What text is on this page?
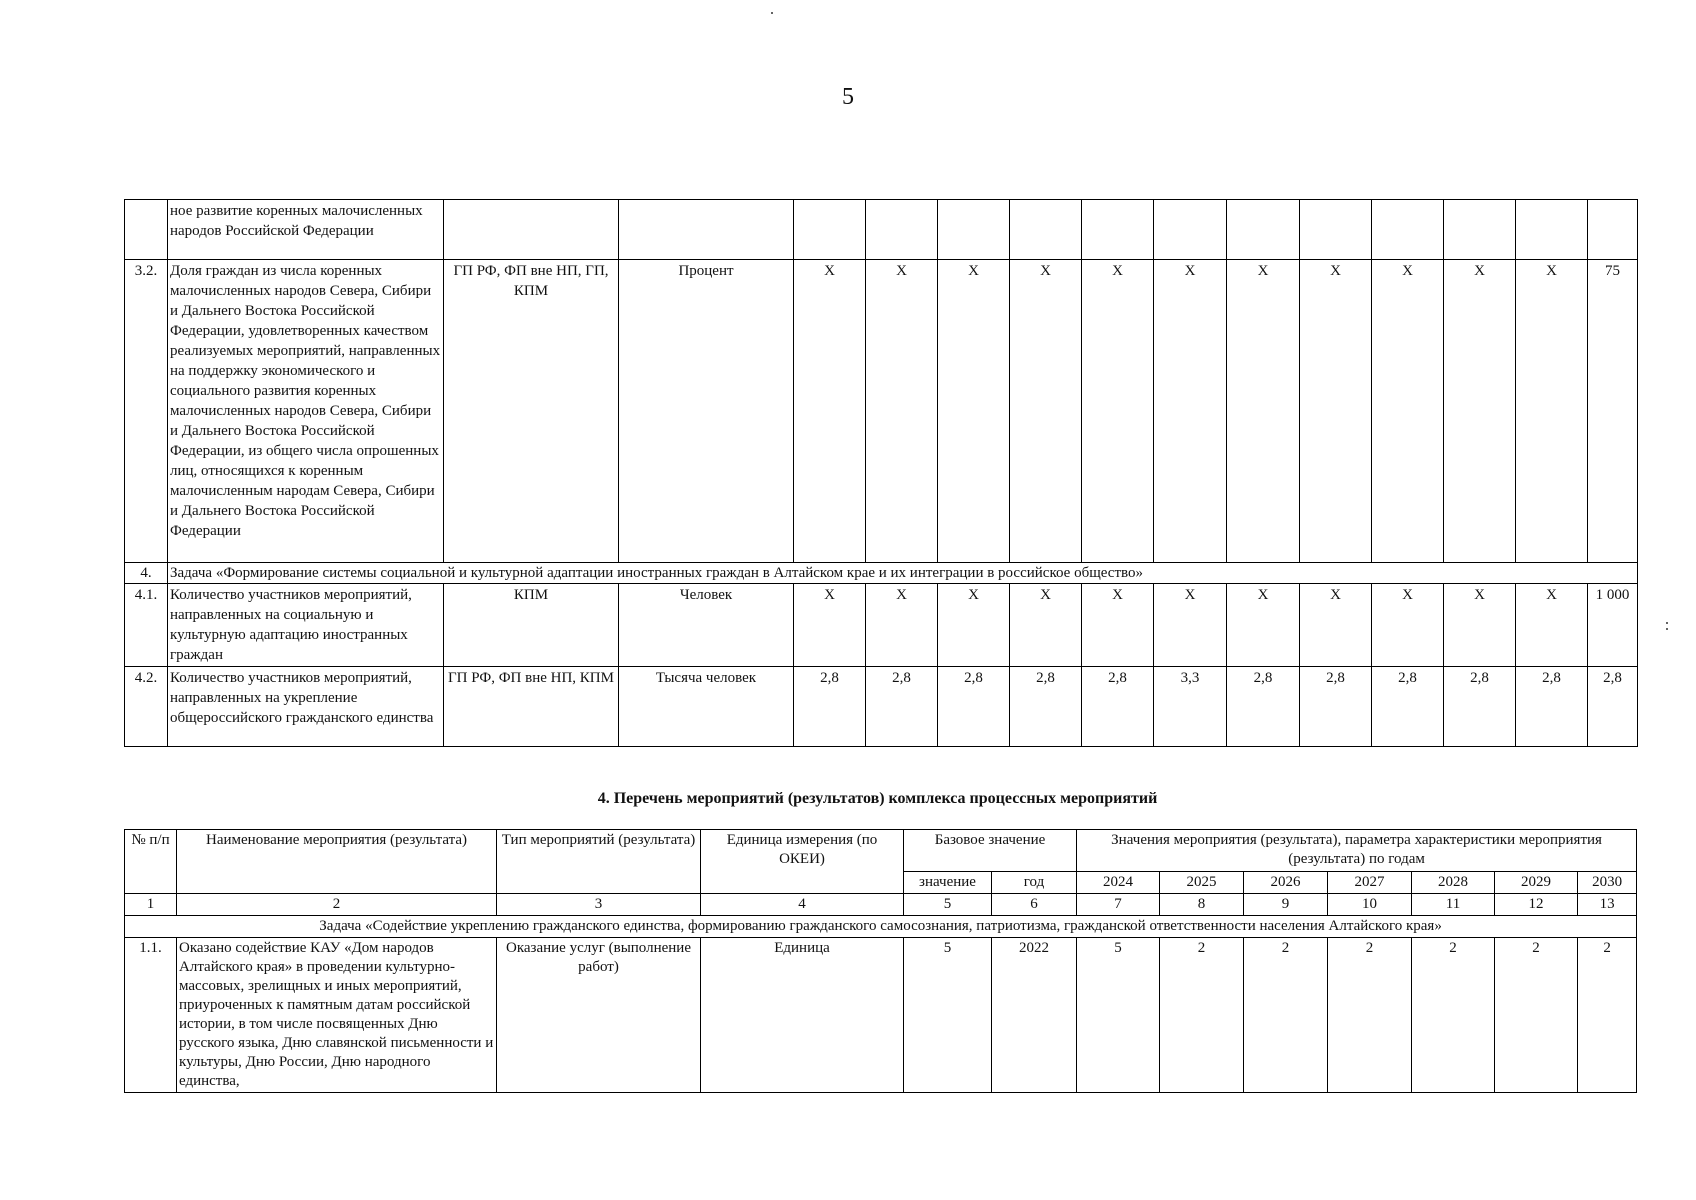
5
	ное развитие коренных малочисленных народов Российской Федерации														
3.2.	Доля граждан из числа коренных малочисленных народов Севера, Сибири и Дальнего Востока Российской Федерации, удовлетворенных качеством реализуемых мероприятий, направленных на поддержку экономического и социального развития коренных малочисленных народов Севера, Сибири и Дальнего Востока Российской Федерации, из общего числа опрошенных лиц, относящихся к коренным малочисленным народам Севера, Сибири и Дальнего Востока Российской Федерации	ГП РФ, ФП вне НП, ГП, КПМ	Процент	X	X	X	X	X	X	X	X	X	X	X	75
4.	Задача «Формирование системы социальной и культурной адаптации иностранных граждан в Алтайском крае и их интеграции в российское общество»														
4.1.	Количество участников мероприятий, направленных на социальную и культурную адаптацию иностранных граждан	КПМ	Человек	X	X	X	X	X	X	X	X	X	X	X	1 000
4.2.	Количество участников мероприятий, направленных на укрепление общероссийского гражданского единства	ГП РФ, ФП вне НП, КПМ	Тысяча человек	2,8	2,8	2,8	2,8	2,8	3,3	2,8	2,8	2,8	2,8	2,8	2,8
4. Перечень мероприятий (результатов) комплекса процессных мероприятий
№ п/п	Наименование мероприятия (результата)	Тип мероприятий (результата)	Единица измерения (по ОКЕИ)	Базовое значение		Значения мероприятия (результата), параметра характеристики мероприятия (результата) по годам						
				значение	год	2024	2025	2026	2027	2028	2029	2030
1	2	3	4	5	6	7	8	9	10	11	12	13
Задача «Содействие укреплению гражданского единства, формированию гражданского самосознания, патриотизма, гражданской ответственности населения Алтайского края»												
1.1.	Оказано содействие КАУ «Дом народов Алтайского края» в проведении культурно-массовых, зрелищных и иных мероприятий, приуроченных к памятным датам российской истории, в том числе посвященных Дню русского языка, Дню славянской письменности и культуры, Дню России, Дню народного единства,	Оказание услуг (выполнение работ)	Единица	5	2022	5	2	2	2	2	2	2
